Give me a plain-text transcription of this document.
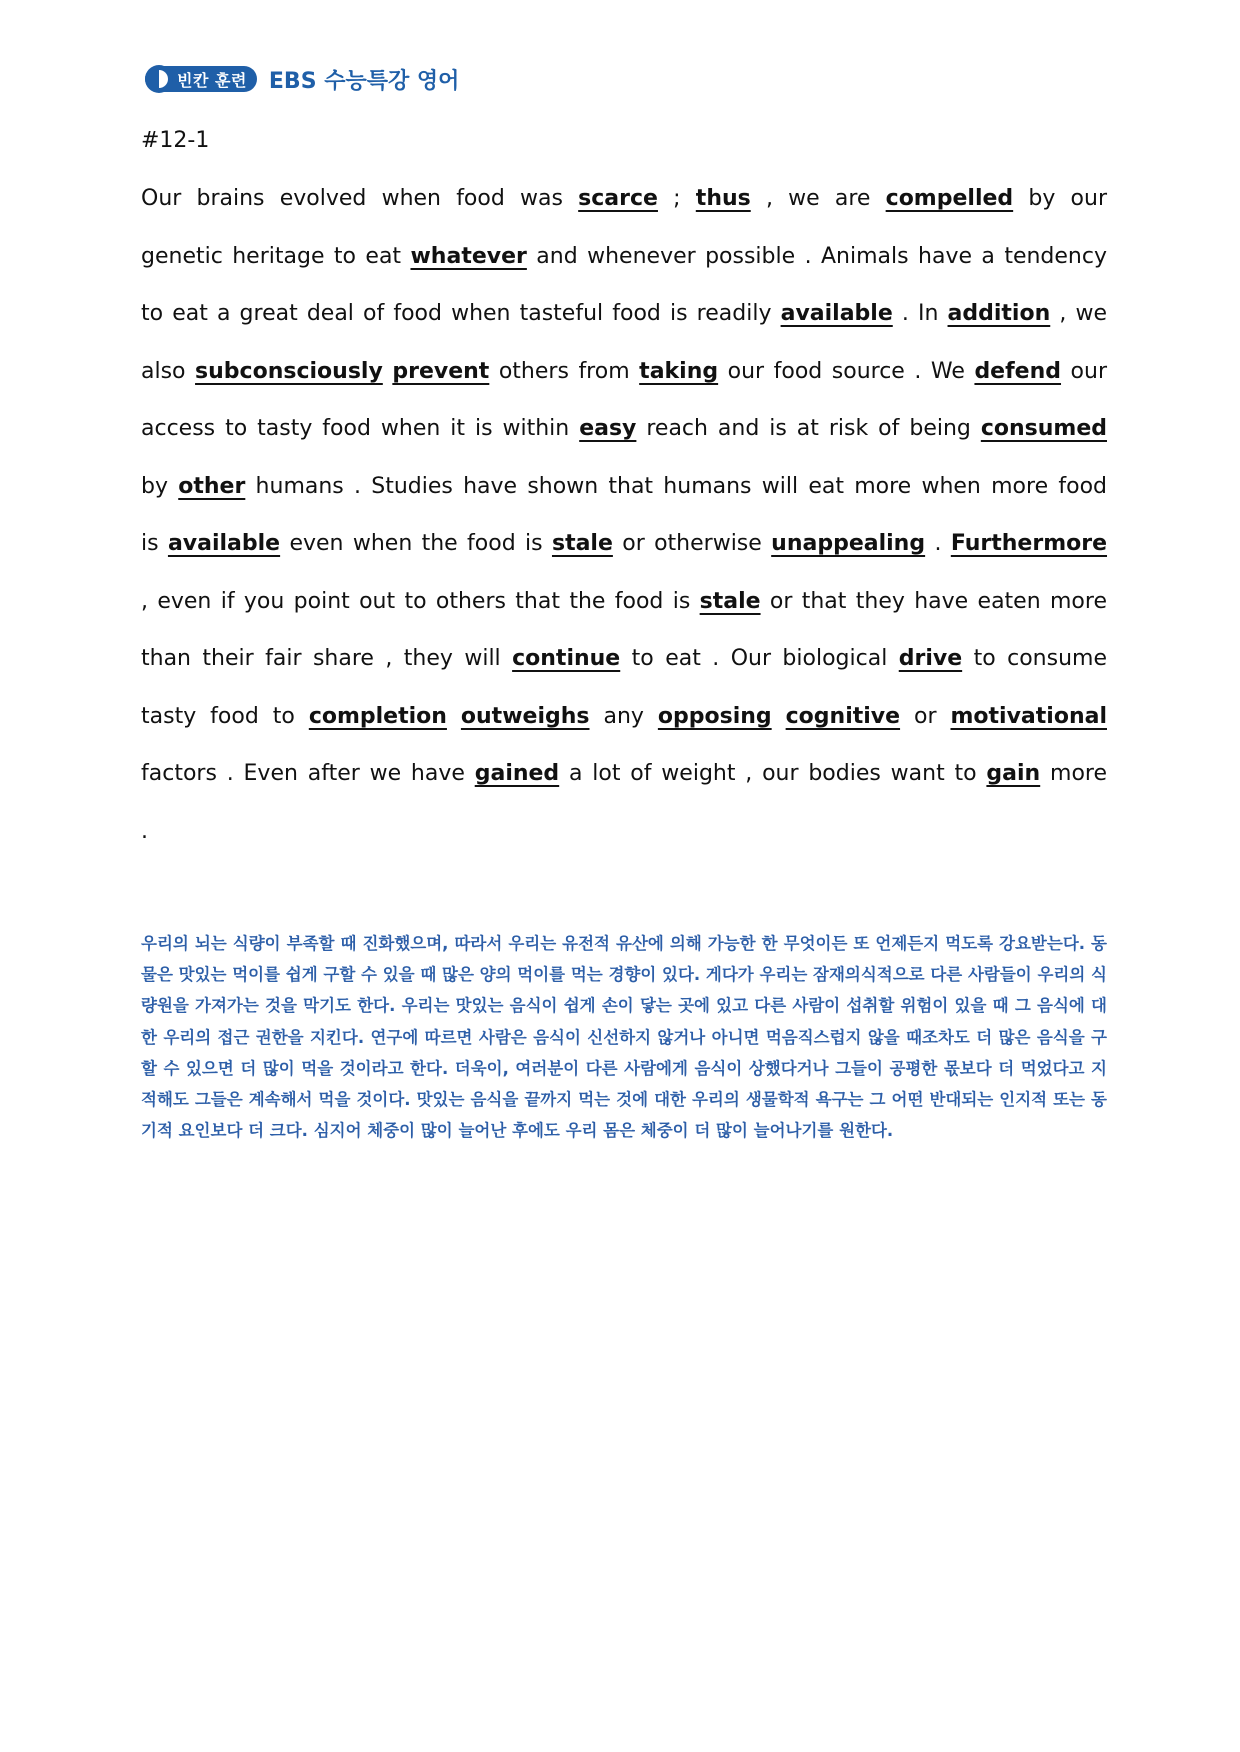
빈칸 훈련 EBS 수능특강 영어
#12-1
Our brains evolved when food was scarce ; thus , we are compelled by our genetic heritage to eat whatever and whenever possible . Animals have a tendency to eat a great deal of food when tasteful food is readily available . In addition , we also subconsciously prevent others from taking our food source . We defend our access to tasty food when it is within easy reach and is at risk of being consumed by other humans . Studies have shown that humans will eat more when more food is available even when the food is stale or otherwise unappealing . Furthermore , even if you point out to others that the food is stale or that they have eaten more than their fair share , they will continue to eat . Our biological drive to consume tasty food to completion outweighs any opposing cognitive or motivational factors . Even after we have gained a lot of weight , our bodies want to gain more .
우리의 뇌는 식량이 부족할 때 진화했으며, 따라서 우리는 유전적 유산에 의해 가능한 한 무엇이든 또 언제든지 먹도록 강요받는다. 동물은 맛있는 먹이를 쉽게 구할 수 있을 때 많은 양의 먹이를 먹는 경향이 있다. 게다가 우리는 잠재의식적으로 다른 사람들이 우리의 식량원을 가져가는 것을 막기도 한다. 우리는 맛있는 음식이 쉽게 손이 닿는 곳에 있고 다른 사람이 섭취할 위험이 있을 때 그 음식에 대한 우리의 접근 권한을 지킨다. 연구에 따르면 사람은 음식이 신선하지 않거나 아니면 먹음직스럽지 않을 때조차도 더 많은 음식을 구할 수 있으면 더 많이 먹을 것이라고 한다. 더욱이, 여러분이 다른 사람에게 음식이 상했다거나 그들이 공평한 몫보다 더 먹었다고 지적해도 그들은 계속해서 먹을 것이다. 맛있는 음식을 끝까지 먹는 것에 대한 우리의 생물학적 욕구는 그 어떤 반대되는 인지적 또는 동기적 요인보다 더 크다. 심지어 체중이 많이 늘어난 후에도 우리 몸은 체중이 더 많이 늘어나기를 원한다.
